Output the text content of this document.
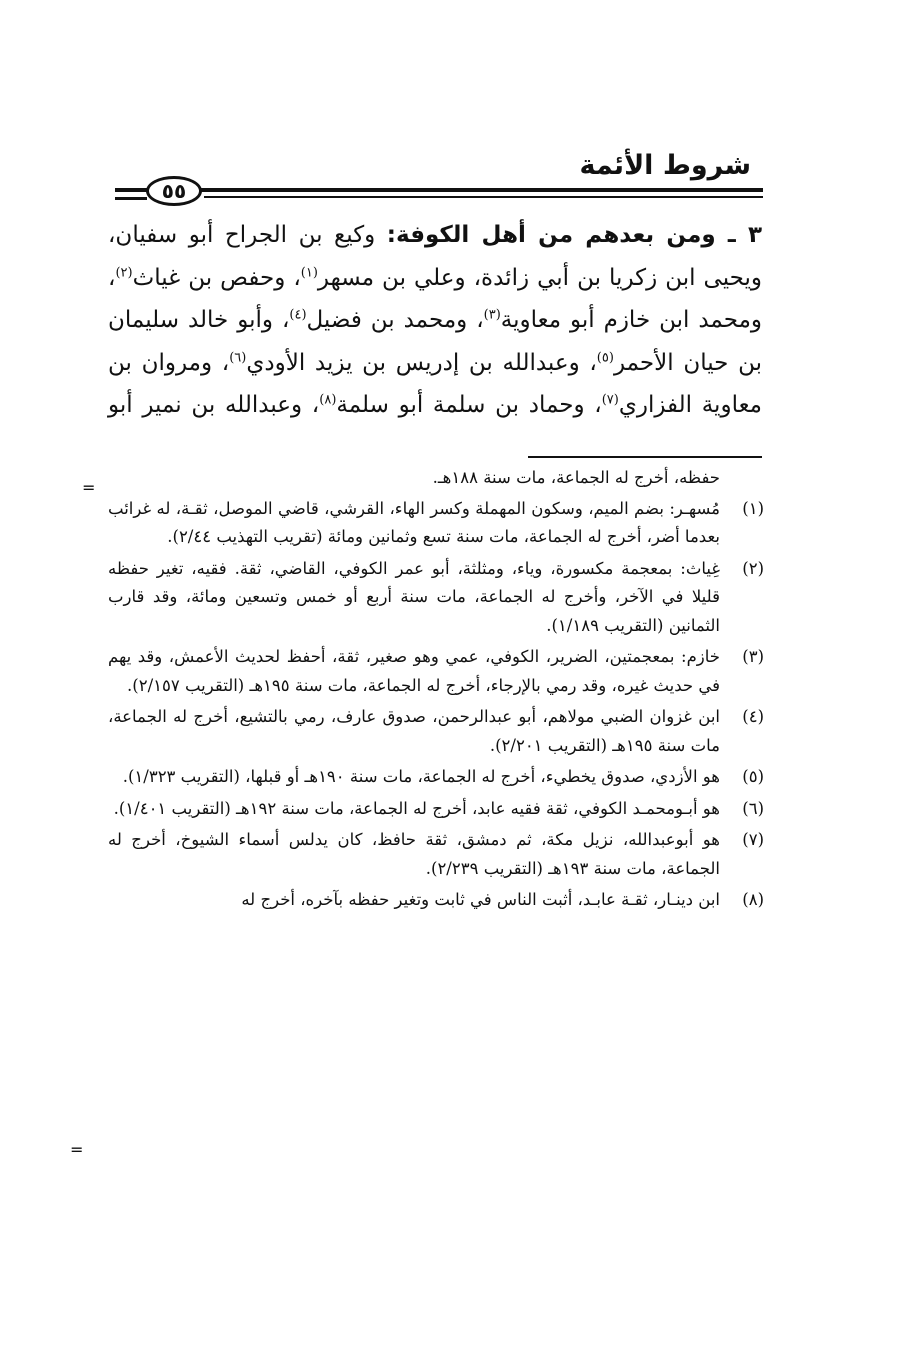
شروط الأئمة
٥٥
٣ ـ ومن بعدهم من أهل الكوفة: وكيع بن الجراح أبو سفيان، ويحيى ابن زكريا بن أبي زائدة، وعلي بن مسهر$^{(١)}$، وحفص بن غياث$^{(٢)}$، ومحمد ابن خازم أبو معاوية$^{(٣)}$، ومحمد بن فضيل$^{(٤)}$، وأبو خالد سليمان بن حيان الأحمر$^{(٥)}$، وعبدالله بن إدريس بن يزيد الأودي$^{(٦)}$، ومروان بن معاوية الفزاري$^{(٧)}$، وحماد بن سلمة أبو سلمة$^{(٨)}$، وعبدالله بن نمير أبو
=
=
حفظه، أخرج له الجماعة، مات سنة ١٨٨هـ.
(١)
مُسهـر: بضم الميم، وسكون المهملة وكسر الهاء، القرشي، قاضي الموصل، ثقـة، له غرائب بعدما أضر، أخرج له الجماعة، مات سنة تسع وثمانين ومائة (تقريب التهذيب ٢/٤٤).
(٢)
غِياث: بمعجمة مكسورة، وياء، ومثلثة، أبو عمر الكوفي، القاضي، ثقة. فقيه، تغير حفظه قليلا في الآخر، وأخرج له الجماعة، مات سنة أربع أو خمس وتسعين ومائة، وقد قارب الثمانين (التقريب ١/١٨٩).
(٣)
خازم: بمعجمتين، الضرير، الكوفي، عمي وهو صغير، ثقة، أحفظ لحديث الأعمش، وقد يهم في حديث غيره، وقد رمي بالإرجاء، أخرج له الجماعة، مات سنة ١٩٥هـ (التقريب ٢/١٥٧).
(٤)
ابن غزوان الضبي مولاهم، أبو عبدالرحمن، صدوق عارف، رمي بالتشيع، أخرج له الجماعة، مات سنة ١٩٥هـ (التقريب ٢/٢٠١).
(٥)
هو الأزدي، صدوق يخطيء، أخرج له الجماعة، مات سنة ١٩٠هـ أو قبلها، (التقريب ١/٣٢٣).
(٦)
هو أبـومحمـد الكوفي، ثقة فقيه عابد، أخرج له الجماعة، مات سنة ١٩٢هـ (التقريب ١/٤٠١).
(٧)
هو أبوعبدالله، نزيل مكة، ثم دمشق، ثقة حافظ، كان يدلس أسماء الشيوخ، أخرج له الجماعة، مات سنة ١٩٣هـ (التقريب ٢/٢٣٩).
(٨)
ابن دينـار، ثقـة عابـد، أثبت الناس في ثابت وتغير حفظه بآخره، أخرج له
